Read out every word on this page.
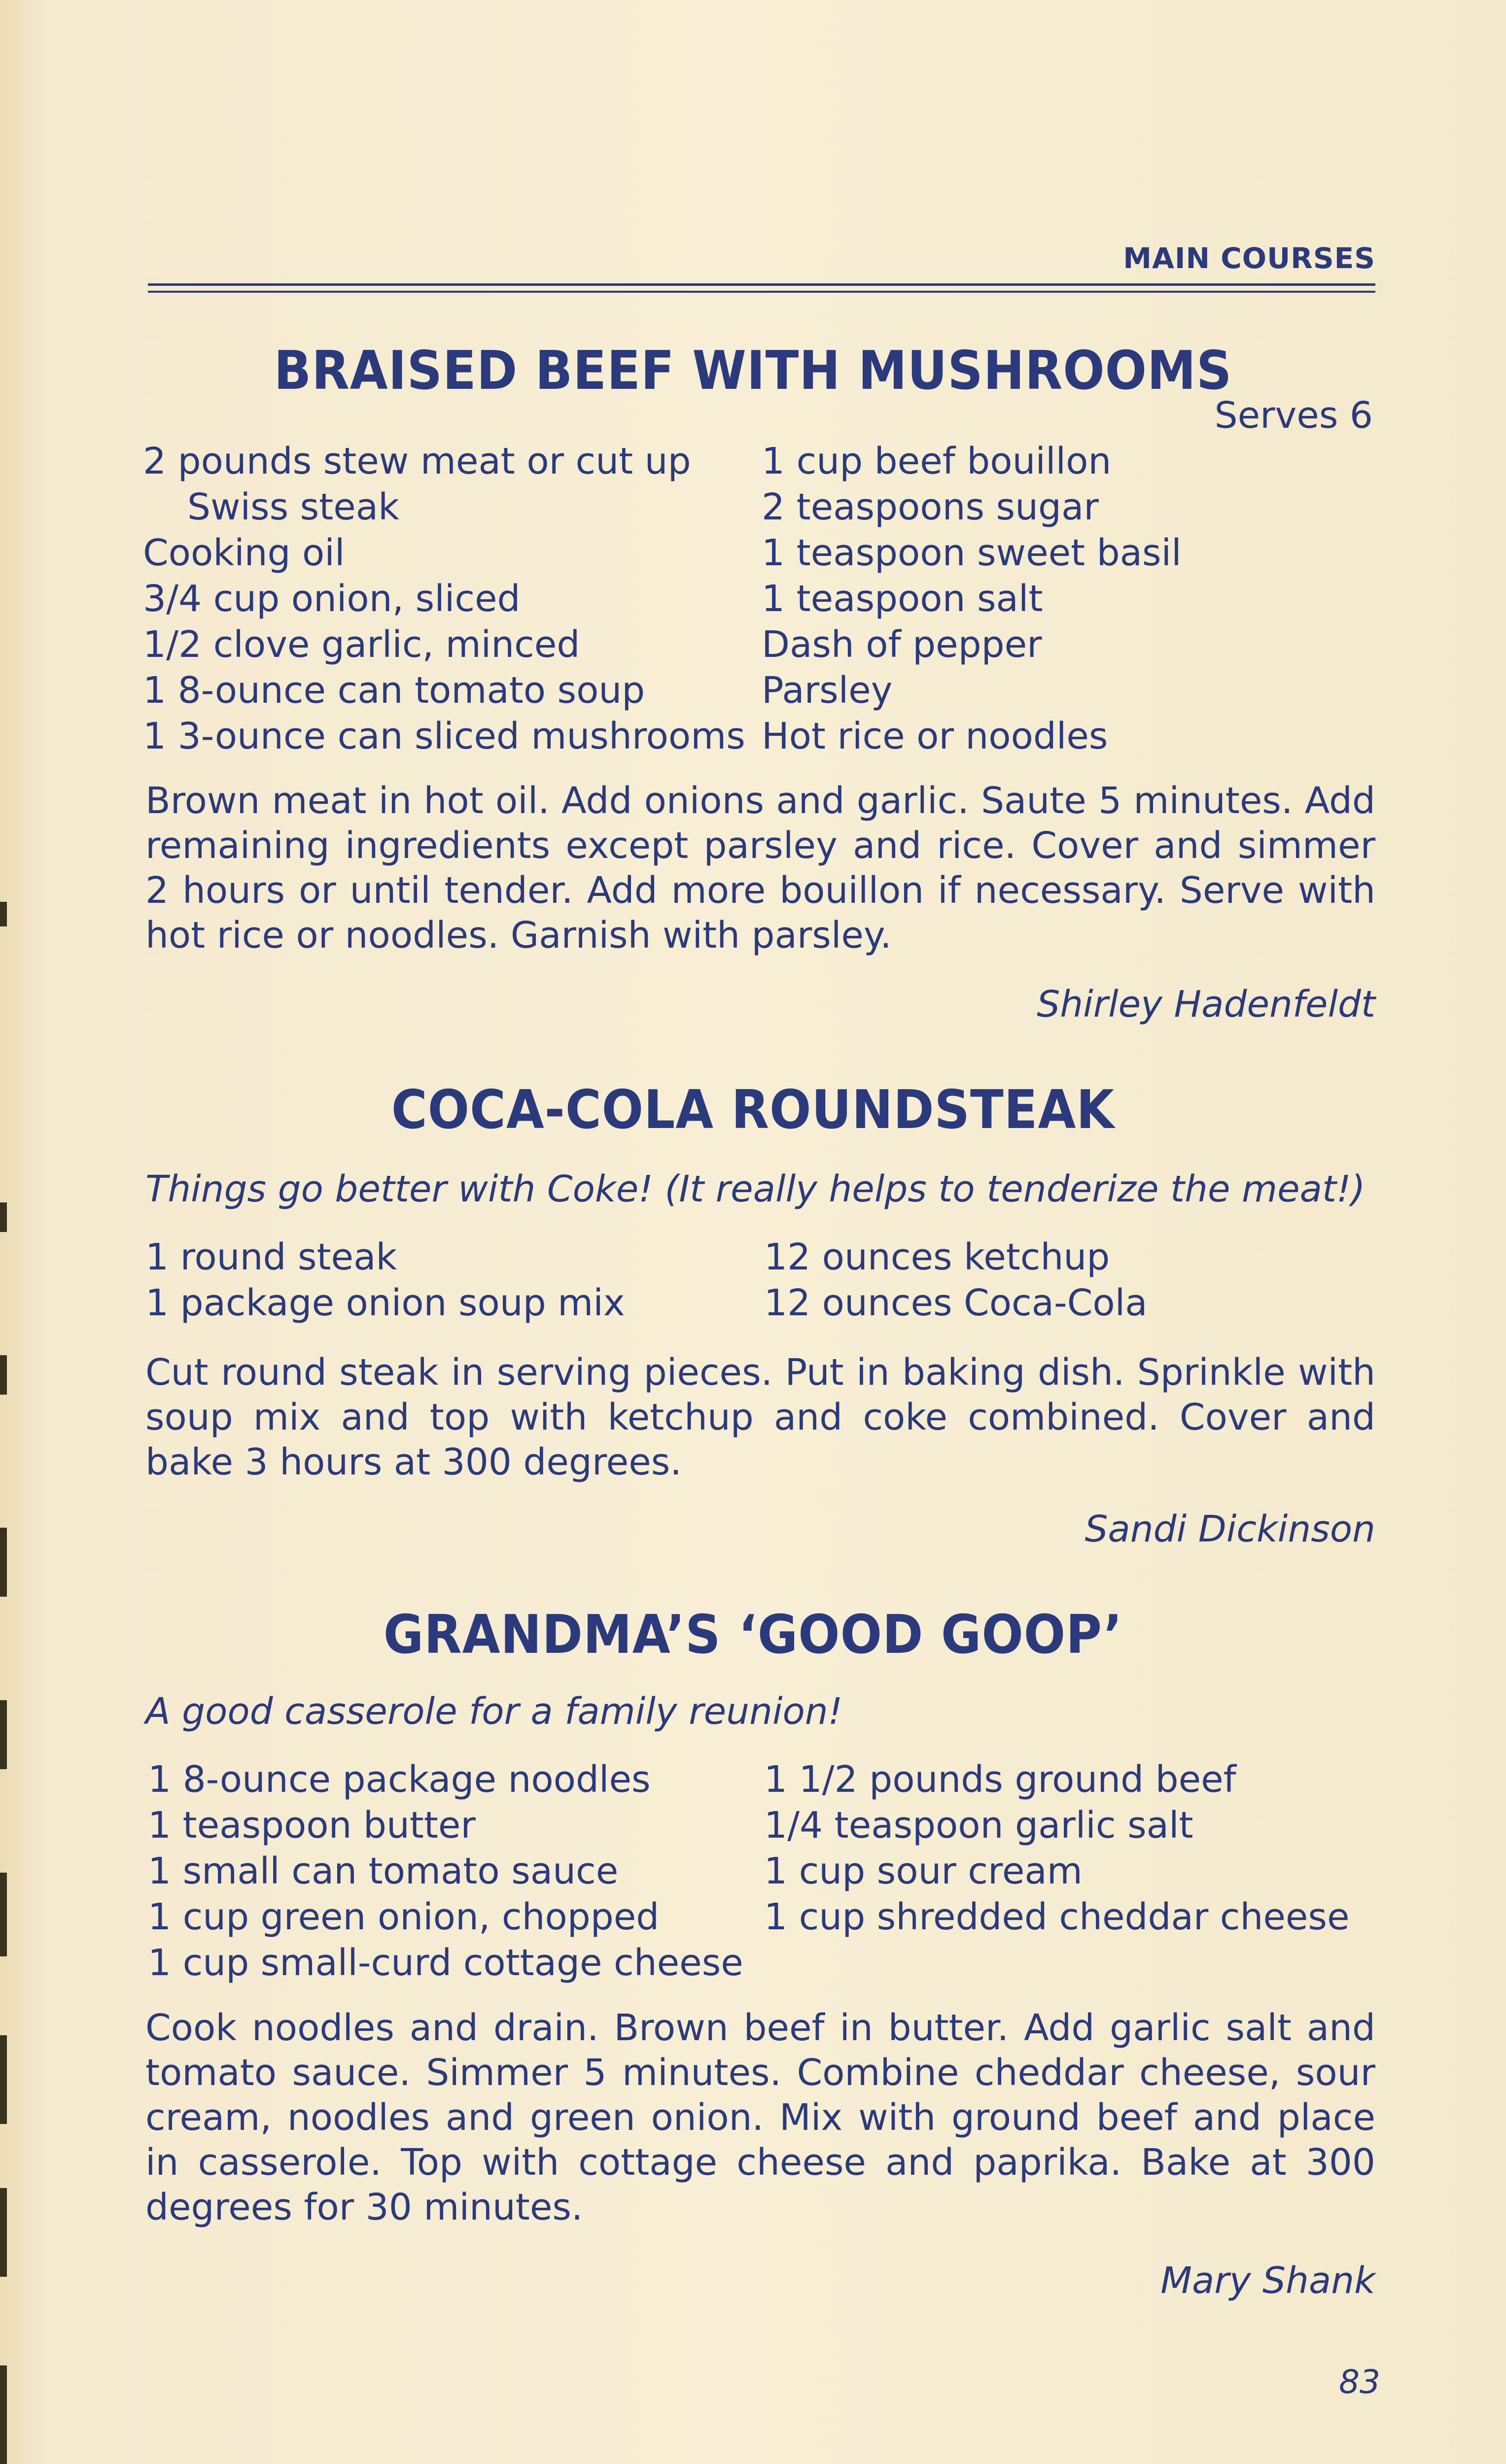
MAIN COURSES
BRAISED BEEF WITH MUSHROOMS
Serves 6
2 pounds stew meat or cut up
Swiss steak
Cooking oil
3/4 cup onion, sliced
1/2 clove garlic, minced
1 8-ounce can tomato soup
1 3-ounce can sliced mushrooms
1 cup beef bouillon
2 teaspoons sugar
1 teaspoon sweet basil
1 teaspoon salt
Dash of pepper
Parsley
Hot rice or noodles
Brown meat in hot oil. Add onions and garlic. Saute 5 minutes. Add remaining ingredients except parsley and rice. Cover and simmer 2 hours or until tender. Add more bouillon if necessary. Serve with hot rice or noodles. Garnish with parsley.
Shirley Hadenfeldt
COCA-COLA ROUNDSTEAK
Things go better with Coke! (It really helps to tenderize the meat!)
1 round steak
1 package onion soup mix
12 ounces ketchup
12 ounces Coca-Cola
Cut round steak in serving pieces. Put in baking dish. Sprinkle with soup mix and top with ketchup and coke combined. Cover and bake 3 hours at 300 degrees.
Sandi Dickinson
GRANDMA’S ‘GOOD GOOP’
A good casserole for a family reunion!
1 8-ounce package noodles
1 teaspoon butter
1 small can tomato sauce
1 cup green onion, chopped
1 cup small-curd cottage cheese
1 1/2 pounds ground beef
1/4 teaspoon garlic salt
1 cup sour cream
1 cup shredded cheddar cheese
Cook noodles and drain. Brown beef in butter. Add garlic salt and tomato sauce. Simmer 5 minutes. Combine cheddar cheese, sour cream, noodles and green onion. Mix with ground beef and place in casserole. Top with cottage cheese and paprika. Bake at 300 degrees for 30 minutes.
Mary Shank
83
